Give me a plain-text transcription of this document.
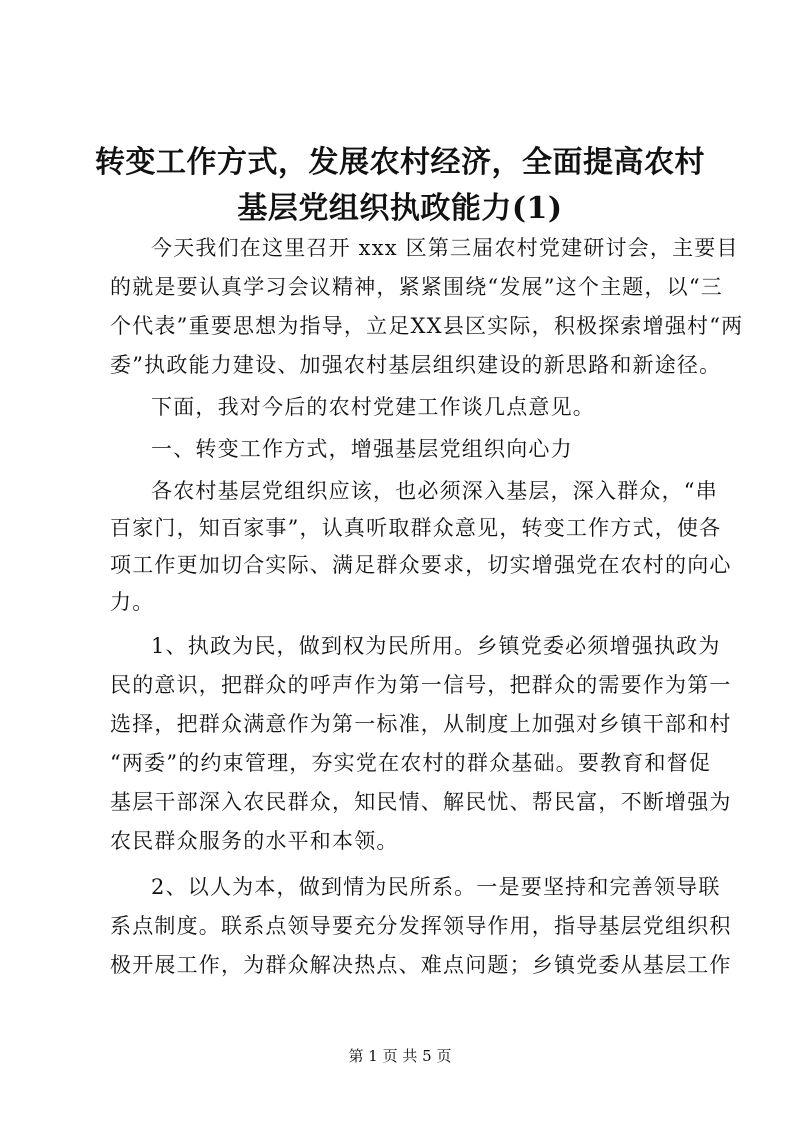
转变工作方式，发展农村经济，全面提高农村
基层党组织执政能力(1)
今天我们在这里召开 xxx 区第三届农村党建研讨会，主要目
的就是要认真学习会议精神，紧紧围绕“发展”这个主题，以“三
个代表”重要思想为指导，立足XX县区实际，积极探索增强村“两
委”执政能力建设、加强农村基层组织建设的新思路和新途径。
下面，我对今后的农村党建工作谈几点意见。
一、转变工作方式，增强基层党组织向心力
各农村基层党组织应该，也必须深入基层，深入群众，“串
百家门，知百家事”，认真听取群众意见，转变工作方式，使各
项工作更加切合实际、满足群众要求，切实增强党在农村的向心
力。
1、执政为民，做到权为民所用。乡镇党委必须增强执政为
民的意识，把群众的呼声作为第一信号，把群众的需要作为第一
选择，把群众满意作为第一标准，从制度上加强对乡镇干部和村
“两委”的约束管理，夯实党在农村的群众基础。要教育和督促
基层干部深入农民群众，知民情、解民忧、帮民富，不断增强为
农民群众服务的水平和本领。
2、以人为本，做到情为民所系。一是要坚持和完善领导联
系点制度。联系点领导要充分发挥领导作用，指导基层党组织积
极开展工作，为群众解决热点、难点问题；乡镇党委从基层工作
第 1 页 共 5 页
